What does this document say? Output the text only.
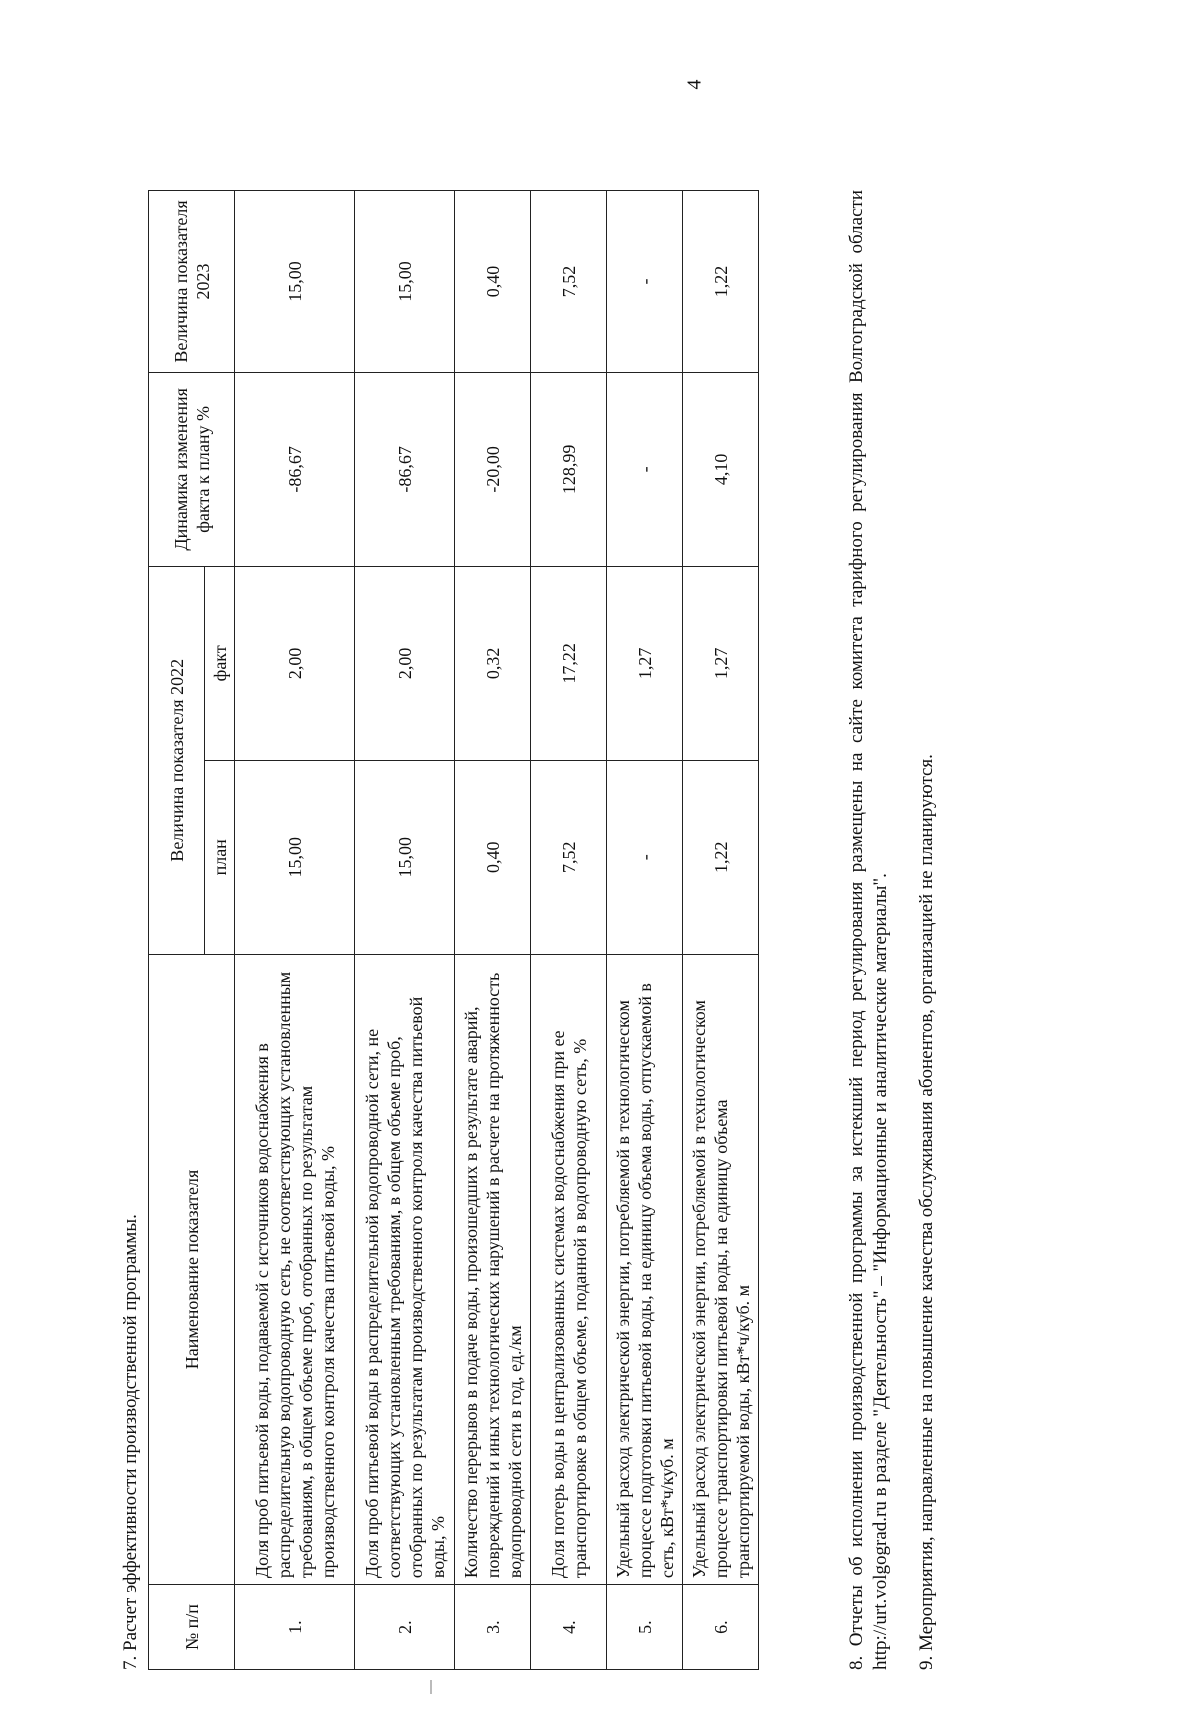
4
7. Расчет эффективности производственной программы. № п/п	Наименование показателя	Величина показателя 2022		Динамика изменения факта к плану %	Величина показателя 2023
		план	факт		
1.	Доля проб питьевой воды, подаваемой с источников водоснабжения в распределительную водопроводную сеть, не соответствующих установленным требованиям, в общем объеме проб, отобранных по результатам производственного контроля качества питьевой воды, %	15,00	2,00	-86,67	15,00
2.	Доля проб питьевой воды в распределительной водопроводной сети, не соответствующих установленным требованиям, в общем объеме проб, отобранных по результатам производственного контроля качества питьевой воды, %	15,00	2,00	-86,67	15,00
3.	Количество перерывов в подаче воды, произошедших в результате аварий, повреждений и иных технологических нарушений в расчете на протяженность водопроводной сети в год, ед./км	0,40	0,32	-20,00	0,40
4.	Доля потерь воды в централизованных системах водоснабжения при ее транспортировке в общем объеме, поданной в водопроводную сеть, %	7,52	17,22	128,99	7,52
5.	Удельный расход электрической энергии, потребляемой в технологическом процессе подготовки питьевой воды, на единицу объема воды, отпускаемой в сеть, кВт*ч/куб. м	-	1,27	-	-
6.	Удельный расход электрической энергии, потребляемой в технологическом процессе транспортировки питьевой воды, на единицу объема транспортируемой воды, кВт*ч/куб. м	1,22	1,27	4,10	1,22	8. Отчеты об исполнении производственной программы за истекший период регулирования размещены на сайте комитета тарифного регулирования Волгоградской области http://urt.volgograd.ru в разделе "Деятельность" – "Информационные и аналитические материалы". 9. Мероприятия, направленные на повышение качества обслуживания абонентов, организацией не планируются.
